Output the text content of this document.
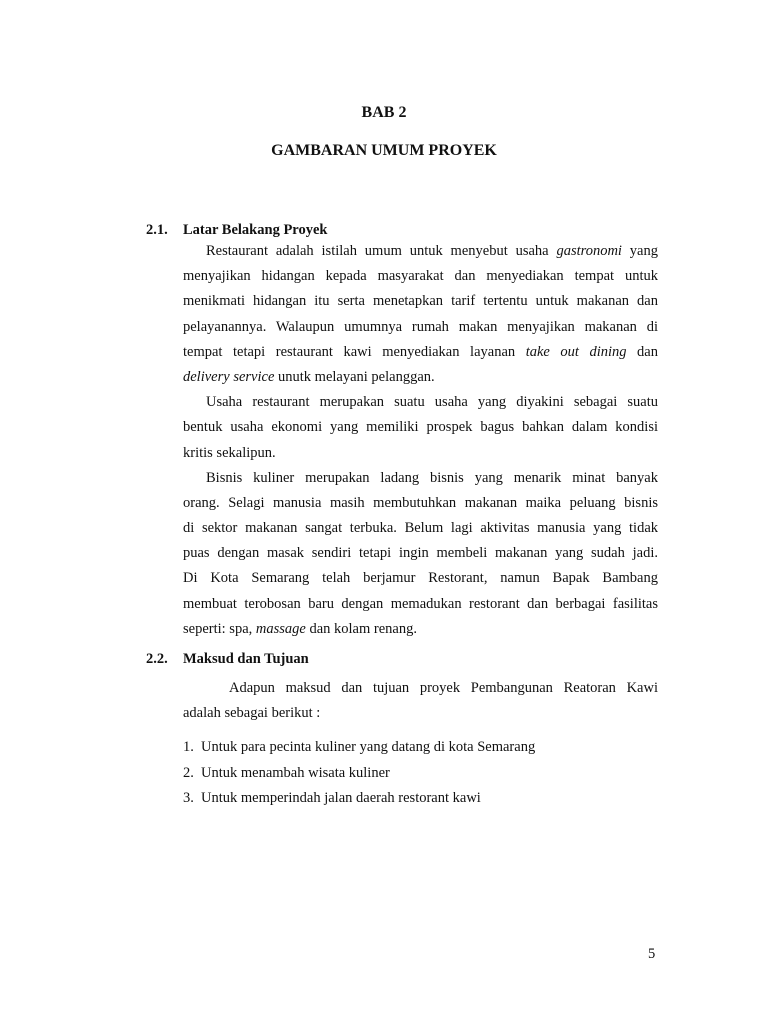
BAB 2
GAMBARAN UMUM PROYEK
2.1. Latar Belakang Proyek
Restaurant adalah istilah umum untuk menyebut usaha gastronomi yang
menyajikan hidangan kepada masyarakat dan menyediakan tempat untuk
menikmati hidangan itu serta menetapkan tarif tertentu untuk makanan dan
pelayanannya. Walaupun umumnya rumah makan menyajikan makanan di
tempat tetapi restaurant kawi menyediakan layanan take out dining dan
delivery service unutk melayani pelanggan.
Usaha restaurant merupakan suatu usaha yang diyakini sebagai suatu
bentuk usaha ekonomi yang memiliki prospek bagus bahkan dalam kondisi
kritis sekalipun.
Bisnis kuliner merupakan ladang bisnis yang menarik minat banyak
orang. Selagi manusia masih membutuhkan makanan maika peluang bisnis
di sektor makanan sangat terbuka. Belum lagi aktivitas manusia yang tidak
puas dengan masak sendiri tetapi ingin membeli makanan yang sudah jadi.
Di Kota Semarang telah berjamur Restorant, namun Bapak Bambang
membuat terobosan baru dengan memadukan restorant dan berbagai fasilitas
seperti: spa, massage dan kolam renang.
2.2. Maksud dan Tujuan
Adapun maksud dan tujuan proyek Pembangunan Reatoran Kawi
adalah sebagai berikut :
1. Untuk para pecinta kuliner yang datang di kota Semarang
2. Untuk menambah wisata kuliner
3. Untuk memperindah jalan daerah restorant kawi
5
